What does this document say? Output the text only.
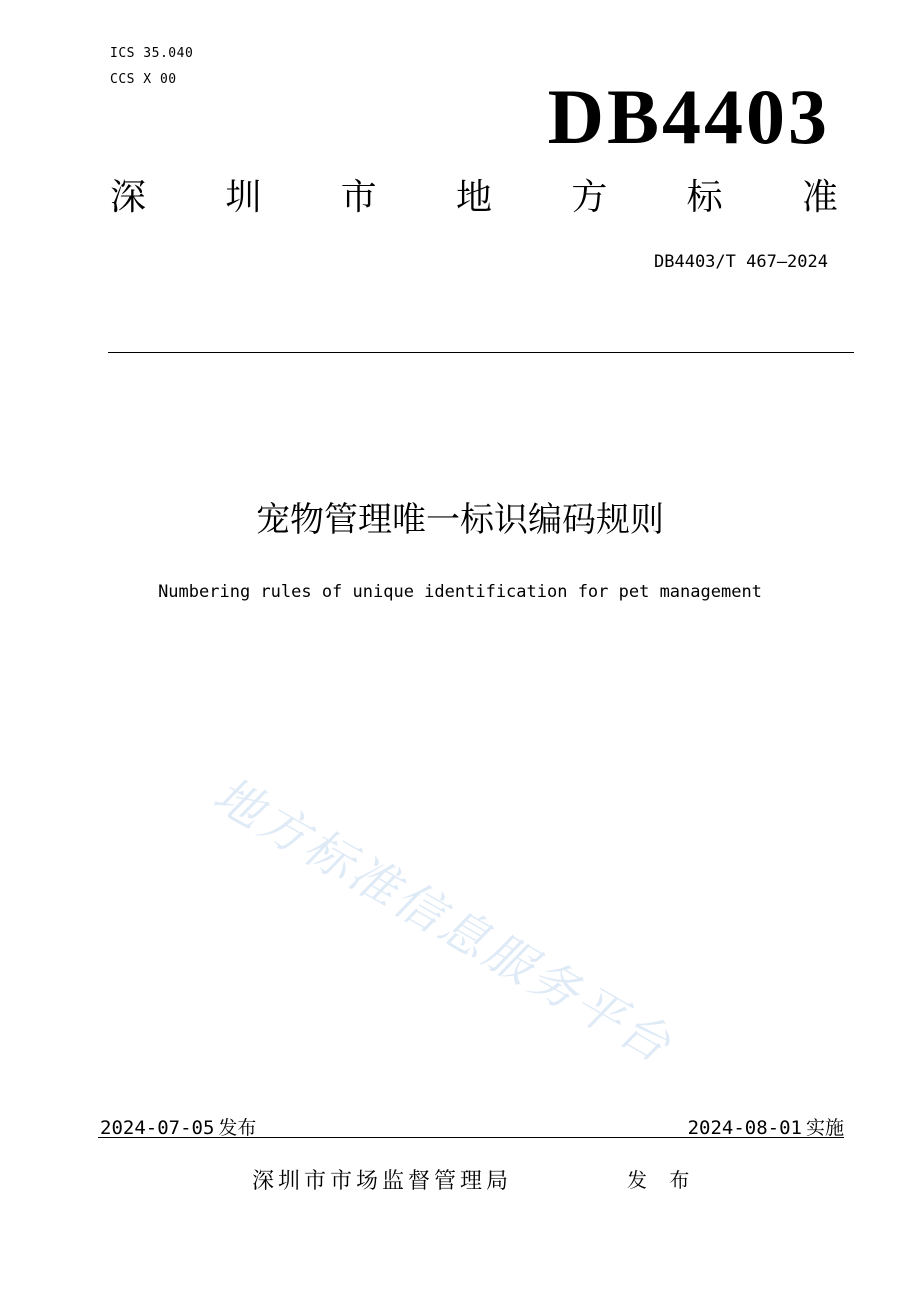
ICS 35.040
CCS X 00	DB4403
深 圳 市 地 方 标 准
DB4403/T 467—2024
宠物管理唯一标识编码规则
Numbering rules of unique identification for pet management
地方标准信息服务平台
2024-07-05 发布	2024-08-01 实施
深圳市市场监督管理局	发 布
